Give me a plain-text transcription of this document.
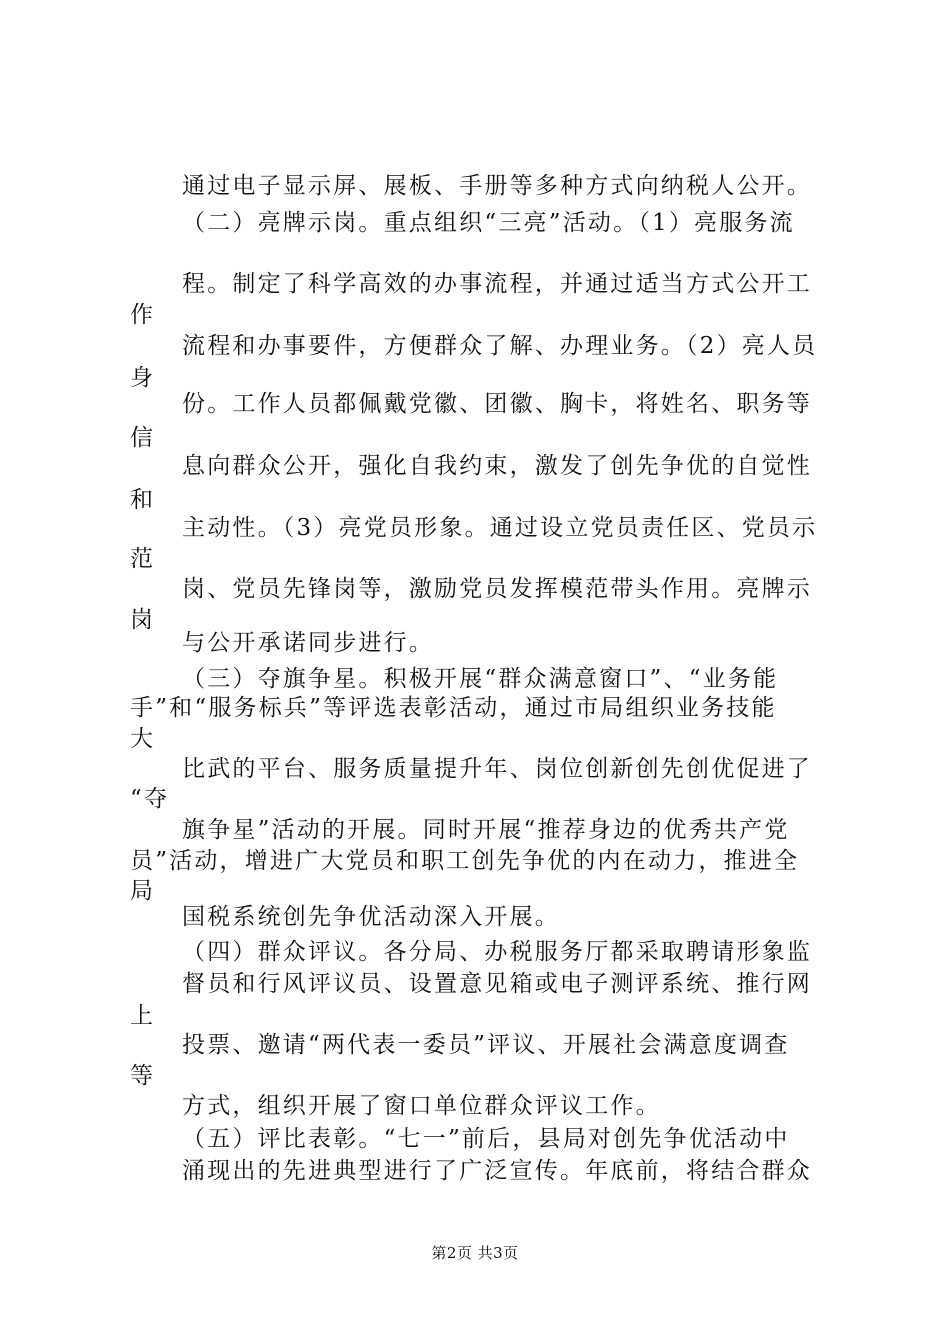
通过电子显示屏、展板、手册等多种方式向纳税人公开。
（二）亮牌示岗。重点组织“三亮”活动。（1）亮服务流
程。制定了科学高效的办事流程，并通过适当方式公开工
作
流程和办事要件，方便群众了解、办理业务。（2）亮人员
身
份。工作人员都佩戴党徽、团徽、胸卡，将姓名、职务等
信
息向群众公开，强化自我约束，激发了创先争优的自觉性
和
主动性。（3）亮党员形象。通过设立党员责任区、党员示
范
岗、党员先锋岗等，激励党员发挥模范带头作用。亮牌示
岗
与公开承诺同步进行。
（三）夺旗争星。积极开展“群众满意窗口”、“业务能
手”和“服务标兵”等评选表彰活动，通过市局组织业务技能
大
比武的平台、服务质量提升年、岗位创新创先创优促进了
“夺
旗争星”活动的开展。同时开展“推荐身边的优秀共产党
员”活动，增进广大党员和职工创先争优的内在动力，推进全
局
国税系统创先争优活动深入开展。
（四）群众评议。各分局、办税服务厅都采取聘请形象监
督员和行风评议员、设置意见箱或电子测评系统、推行网
上
投票、邀请“两代表一委员”评议、开展社会满意度调查
等
方式，组织开展了窗口单位群众评议工作。
（五）评比表彰。“七一”前后，县局对创先争优活动中
涌现出的先进典型进行了广泛宣传。年底前，将结合群众
第2页 共3页
